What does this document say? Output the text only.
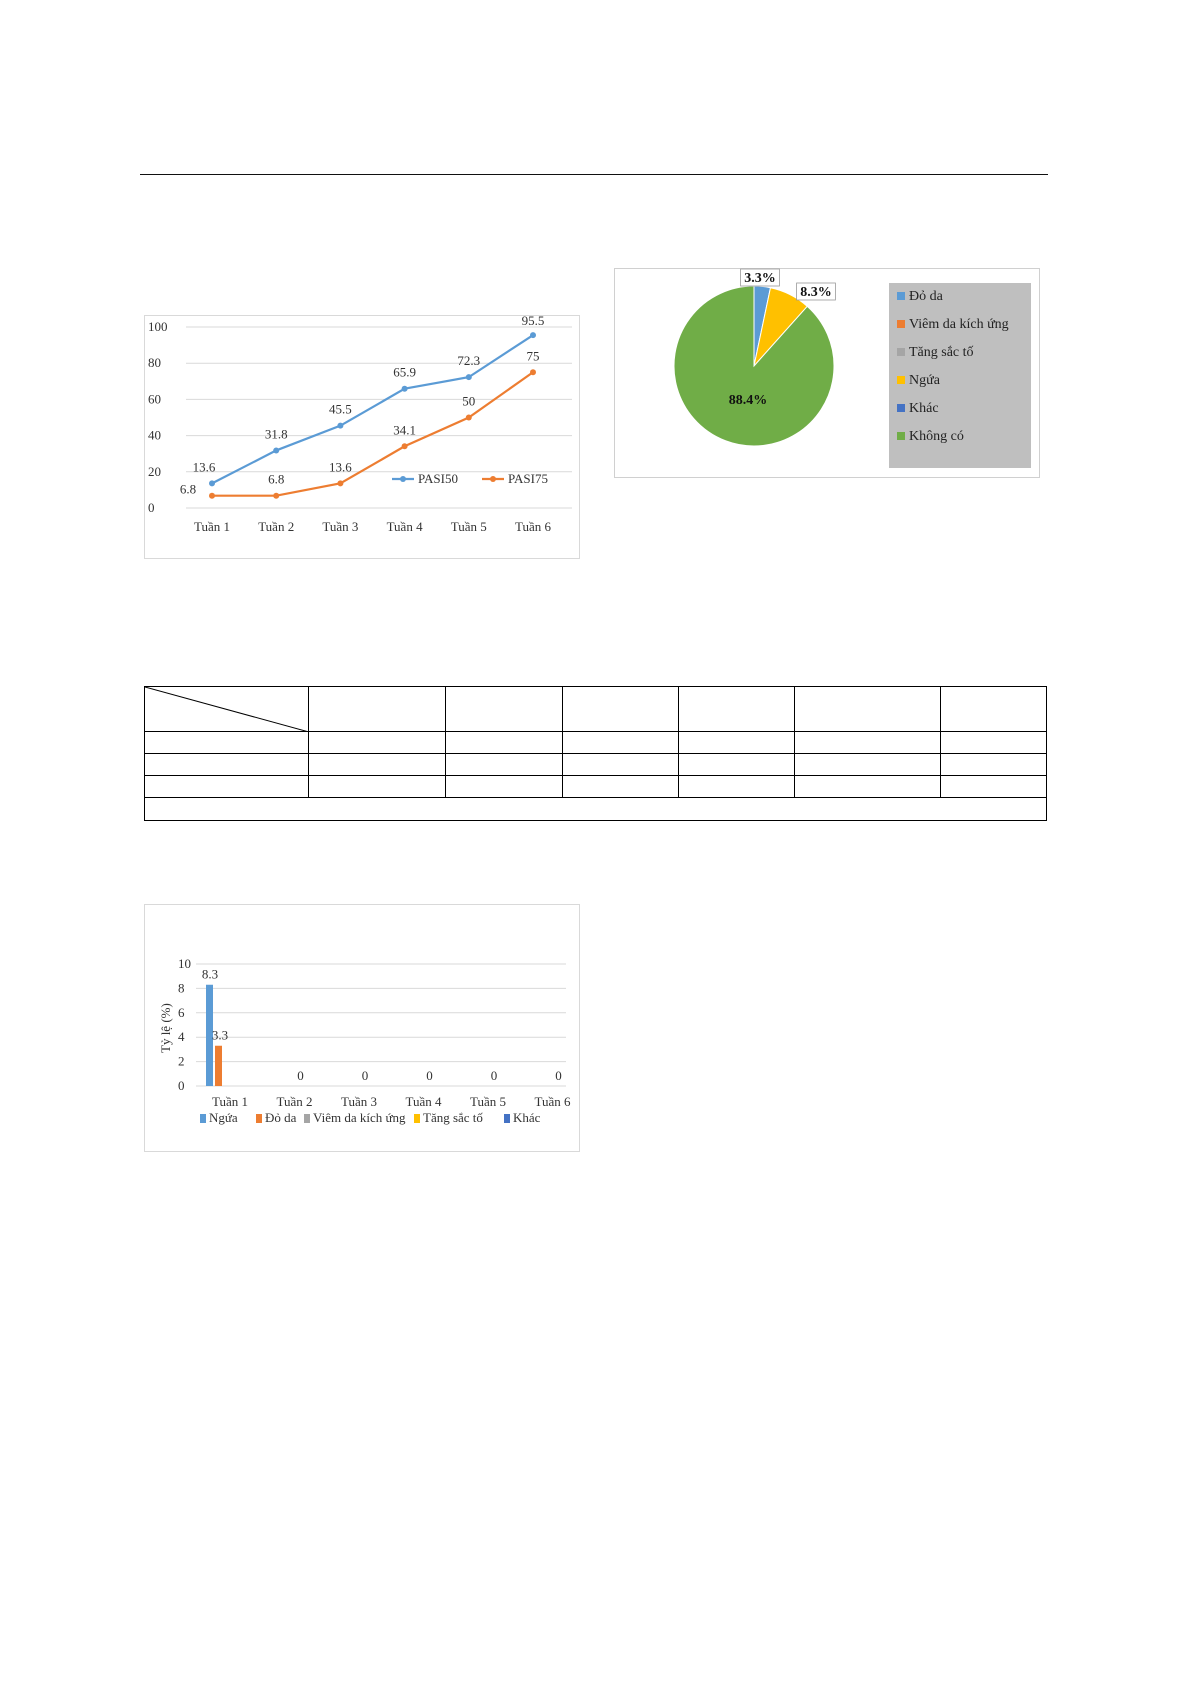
0
20
40
60
80
100
Tuần 1 Tuần 2 Tuần 3 Tuần 4 Tuần 5 Tuần 6
13.6
31.8
45.5
65.9
72.3
95.5
6.8
6.8
13.6
34.1
50
75
PASI50	PASI75
3.3%
8.3%
88.4%
Đỏ da
Viêm da kích ứng
Tăng sắc tố
Ngứa
Khác
Không có

0
2
4
6
8
10
Tỷ lệ (%)
Tuần 1 Tuần 2 Tuần 3 Tuần 4 Tuần 5 Tuần 6
8.3
3.3
0	0	0	0	0
Ngứa Đỏ da Viêm da kích ứng Tăng sắc tố Khác
